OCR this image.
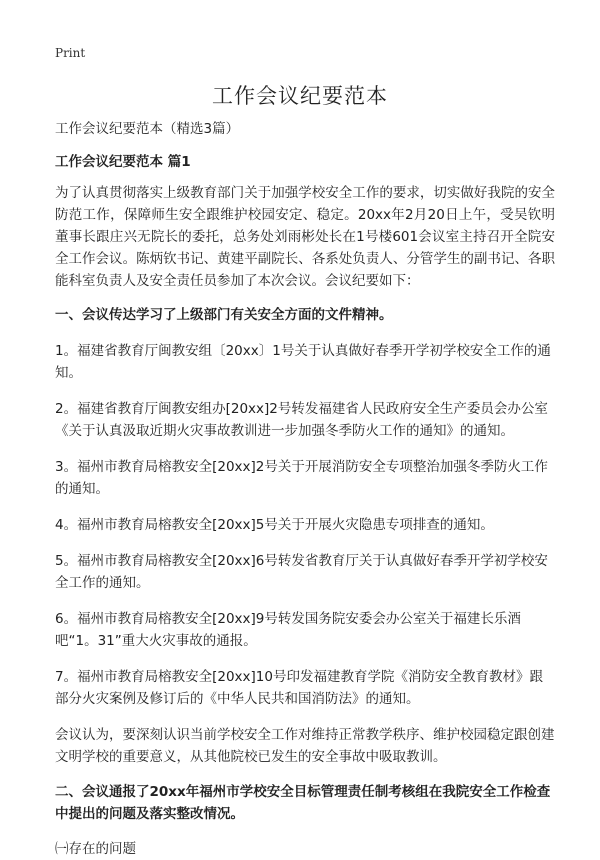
Print
工作会议纪要范本

工作会议纪要范本（精选3篇）

工作会议纪要范本 篇1

为了认真贯彻落实上级教育部门关于加强学校安全工作的要求，切实做好我院的安全防范工作，保障师生安全跟维护校园安定、稳定。20xx年2月20日上午，受吴钦明董事长跟庄兴无院长的委托，总务处刘雨彬处长在1号楼601会议室主持召开全院安全工作会议。陈炳钦书记、黄建平副院长、各系处负责人、分管学生的副书记、各职能科室负责人及安全责任员参加了本次会议。会议纪要如下：

一、会议传达学习了上级部门有关安全方面的文件精神。

1。福建省教育厅闽教安组〔20xx〕1号关于认真做好春季开学初学校安全工作的通知。
2。福建省教育厅闽教安组办[20xx]2号转发福建省人民政府安全生产委员会办公室《关于认真汲取近期火灾事故教训进一步加强冬季防火工作的通知》的通知。
3。福州市教育局榕教安全[20xx]2号关于开展消防安全专项整治加强冬季防火工作的通知。
4。福州市教育局榕教安全[20xx]5号关于开展火灾隐患专项排查的通知。
5。福州市教育局榕教安全[20xx]6号转发省教育厅关于认真做好春季开学初学校安全工作的通知。
6。福州市教育局榕教安全[20xx]9号转发国务院安委会办公室关于福建长乐酒吧“1。31”重大火灾事故的通报。
7。福州市教育局榕教安全[20xx]10号印发福建教育学院《消防安全教育教材》跟部分火灾案例及修订后的《中华人民共和国消防法》的通知。

会议认为，要深刻认识当前学校安全工作对维持正常教学秩序、维护校园稳定跟创建文明学校的重要意义，从其他院校已发生的安全事故中吸取教训。

二、会议通报了20xx年福州市学校安全目标管理责任制考核组在我院安全工作检查中提出的问题及落实整改情况。

㈠存在的问题
